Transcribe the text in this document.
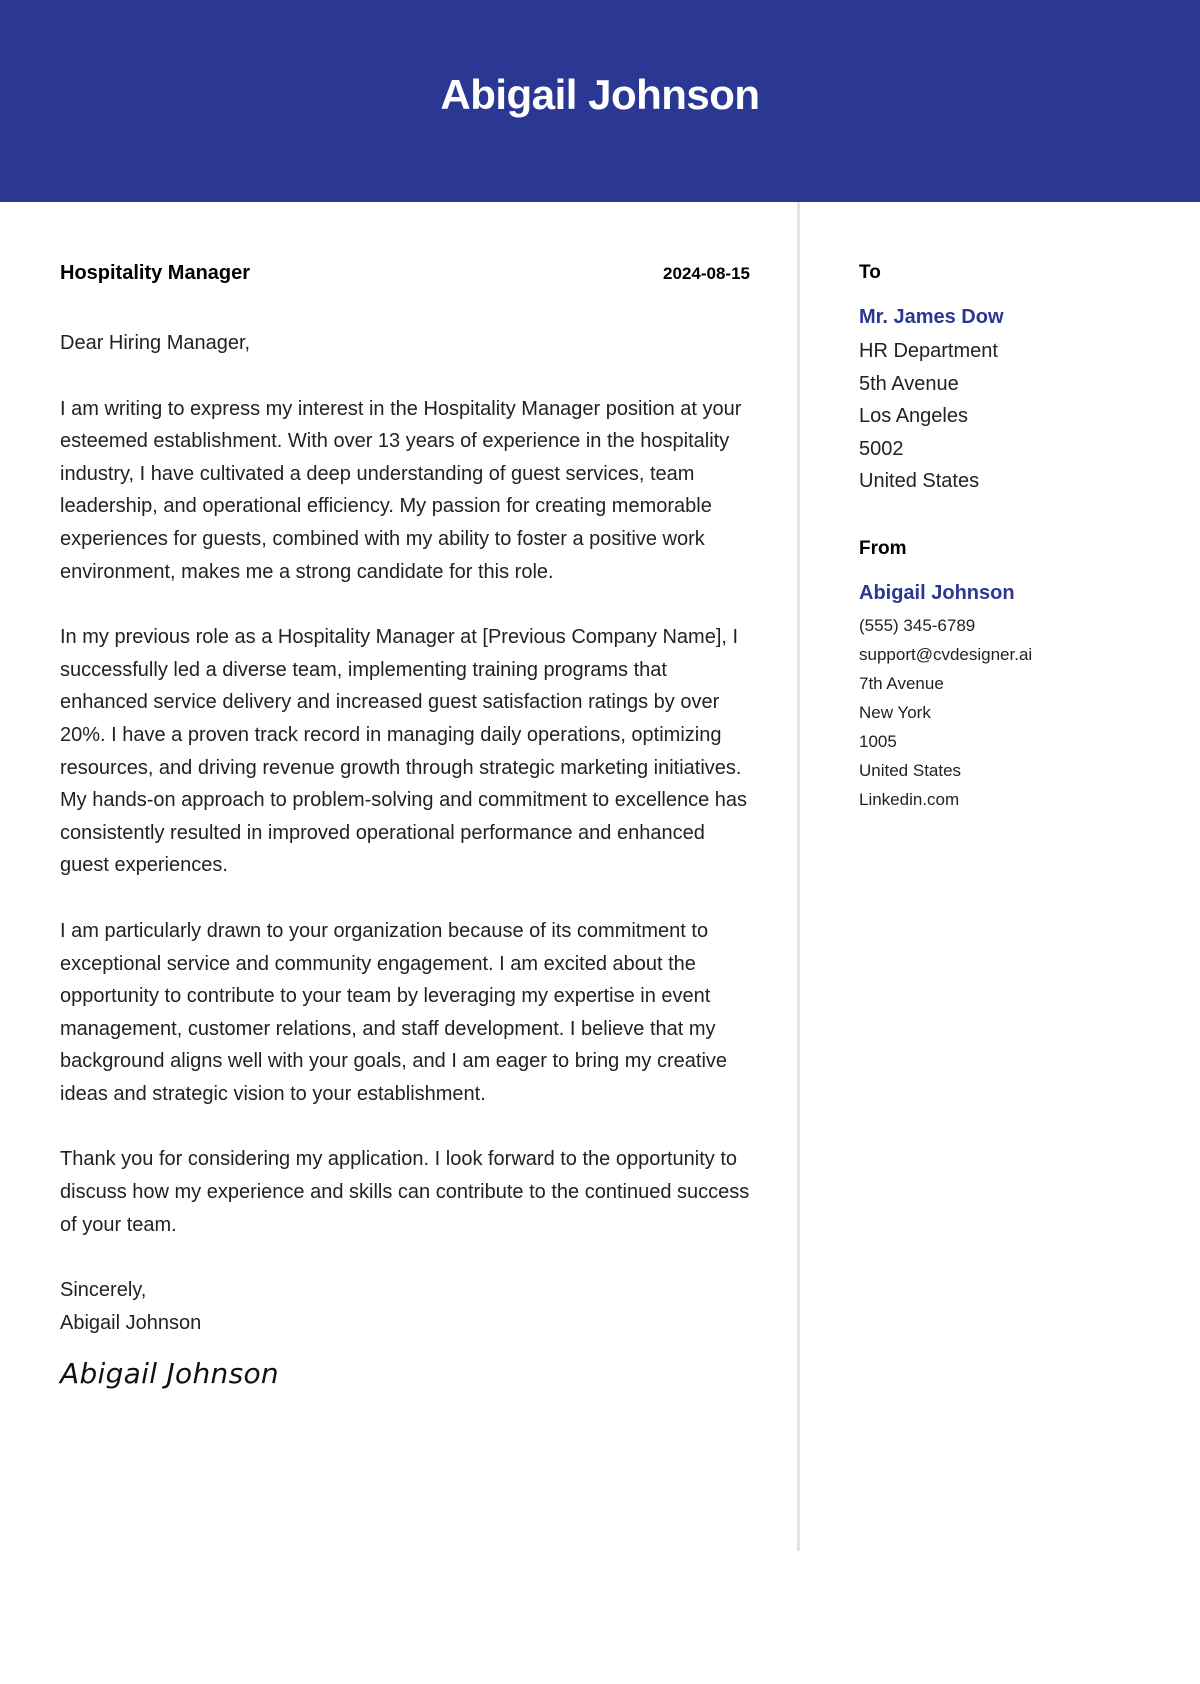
Abigail Johnson
Hospitality Manager	2024-08-15

Dear Hiring Manager,

I am writing to express my interest in the Hospitality Manager position at your esteemed establishment. With over 13 years of experience in the hospitality industry, I have cultivated a deep understanding of guest services, team leadership, and operational efficiency. My passion for creating memorable experiences for guests, combined with my ability to foster a positive work environment, makes me a strong candidate for this role.

In my previous role as a Hospitality Manager at [Previous Company Name], I successfully led a diverse team, implementing training programs that enhanced service delivery and increased guest satisfaction ratings by over 20%. I have a proven track record in managing daily operations, optimizing resources, and driving revenue growth through strategic marketing initiatives. My hands-on approach to problem-solving and commitment to excellence has consistently resulted in improved operational performance and enhanced guest experiences.

I am particularly drawn to your organization because of its commitment to exceptional service and community engagement. I am excited about the opportunity to contribute to your team by leveraging my expertise in event management, customer relations, and staff development. I believe that my background aligns well with your goals, and I am eager to bring my creative ideas and strategic vision to your establishment.

Thank you for considering my application. I look forward to the opportunity to discuss how my experience and skills can contribute to the continued success of your team.

Sincerely,

Abigail Johnson

Abigail Johnson
To
Mr. James Dow
HR Department
5th Avenue
Los Angeles
5002
United States
From
Abigail Johnson
(555) 345-6789
support@cvdesigner.ai
7th Avenue
New York
1005
United States
Linkedin.com
